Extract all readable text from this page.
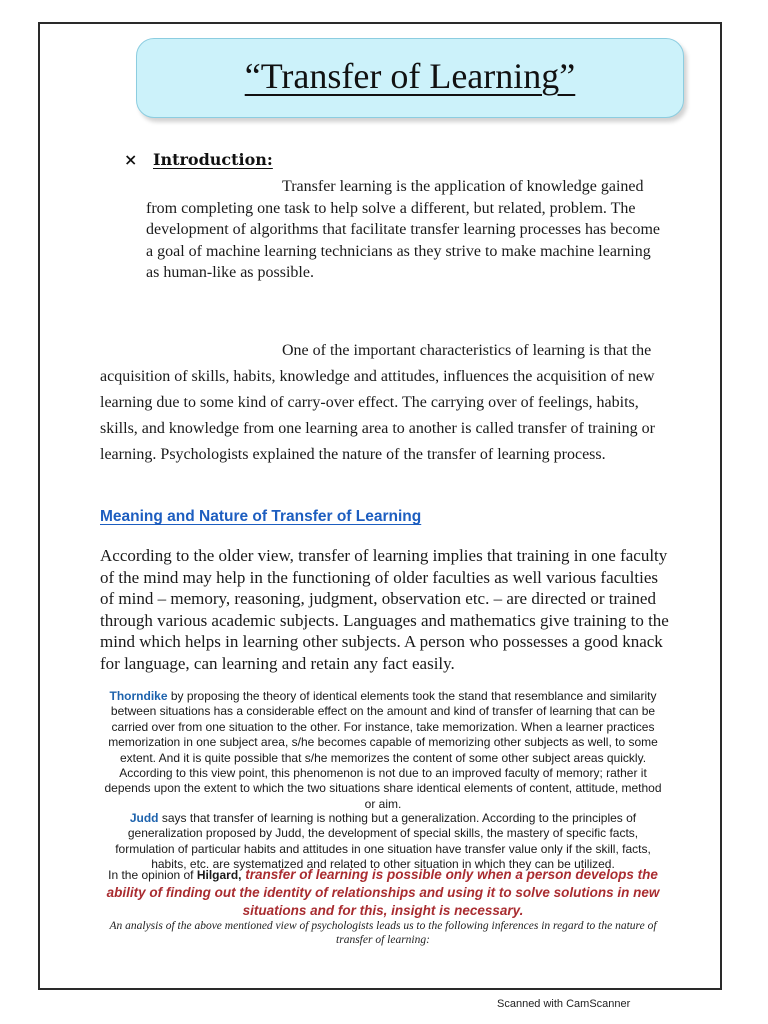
“Transfer of Learning”
× Introduction:

Transfer learning is the application of knowledge gained from completing one task to help solve a different, but related, problem. The development of algorithms that facilitate transfer learning processes has become a goal of machine learning technicians as they strive to make machine learning as human-like as possible.

One of the important characteristics of learning is that the acquisition of skills, habits, knowledge and attitudes, influences the acquisition of new learning due to some kind of carry-over effect. The carrying over of feelings, habits, skills, and knowledge from one learning area to another is called transfer of training or learning. Psychologists explained the nature of the transfer of learning process.

Meaning and Nature of Transfer of Learning

According to the older view, transfer of learning implies that training in one faculty of the mind may help in the functioning of older faculties as well various faculties of mind – memory, reasoning, judgment, observation etc. – are directed or trained through various academic subjects. Languages and mathematics give training to the mind which helps in learning other subjects. A person who possesses a good knack for language, can learning and retain any fact easily.

Thorndike by proposing the theory of identical elements took the stand that resemblance and similarity between situations has a considerable effect on the amount and kind of transfer of learning that can be carried over from one situation to the other. For instance, take memorization. When a learner practices memorization in one subject area, s/he becomes capable of memorizing other subjects as well, to some extent. And it is quite possible that s/he memorizes the content of some other subject areas quickly. According to this view point, this phenomenon is not due to an improved faculty of memory; rather it depends upon the extent to which the two situations share identical elements of content, attitude, method or aim.

Judd says that transfer of learning is nothing but a generalization. According to the principles of generalization proposed by Judd, the development of special skills, the mastery of specific facts, formulation of particular habits and attitudes in one situation have transfer value only if the skill, facts, habits, etc. are systematized and related to other situation in which they can be utilized.

In the opinion of Hilgard, transfer of learning is possible only when a person develops the ability of finding out the identity of relationships and using it to solve solutions in new situations and for this, insight is necessary.

An analysis of the above mentioned view of psychologists leads us to the following inferences in regard to the nature of transfer of learning:

Scanned with CamScanner
